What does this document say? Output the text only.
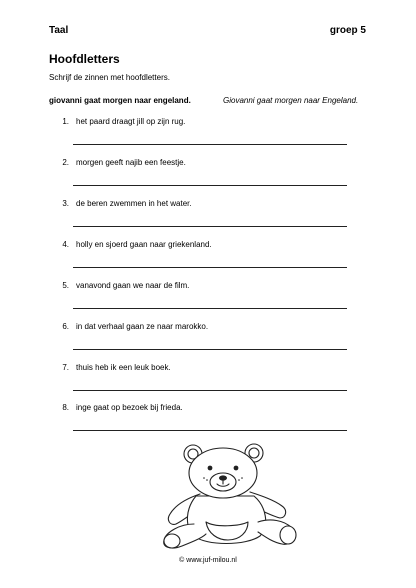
Taal	groep 5
Hoofdletters
Schrijf de zinnen met hoofdletters.
giovanni gaat morgen naar engeland.	Giovanni gaat morgen naar Engeland.
1. het paard draagt jill op zijn rug.
2. morgen geeft najib een feestje.
3. de beren zwemmen in het water.
4. holly en sjoerd gaan naar griekenland.
5. vanavond gaan we naar de film.
6. in dat verhaal gaan ze naar marokko.
7. thuis heb ik een leuk boek.
8. inge gaat op bezoek bij frieda.
© www.juf-milou.nl
